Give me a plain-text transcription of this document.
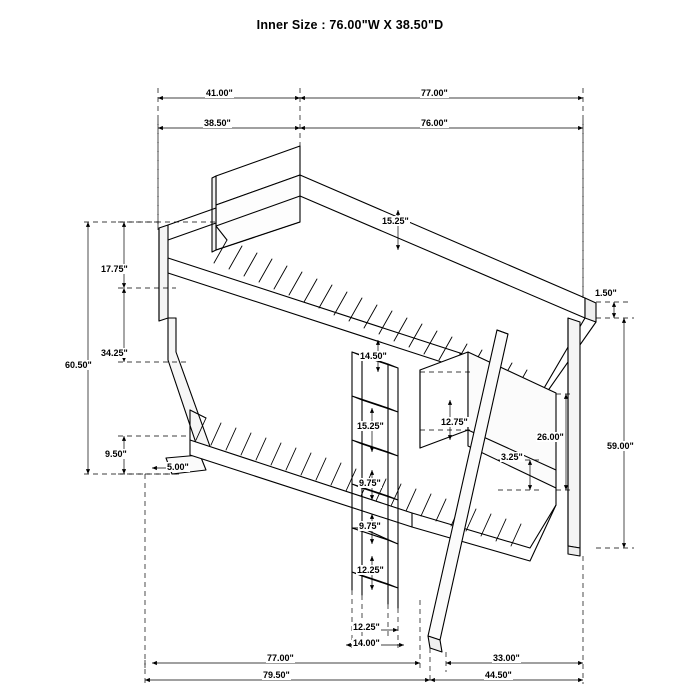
Inner Size : 76.00"W X 38.50"D
41.00"	77.00"
38.50"	76.00"
60.50"
17.75"
34.25"
9.50"
5.00"
15.25"
14.50"
15.25"
9.75"
9.75"
12.25"
12.25"
14.00"
12.75"
3.25"
26.00"
1.50"
59.00"
77.00"	33.00"
79.50"	44.50"
